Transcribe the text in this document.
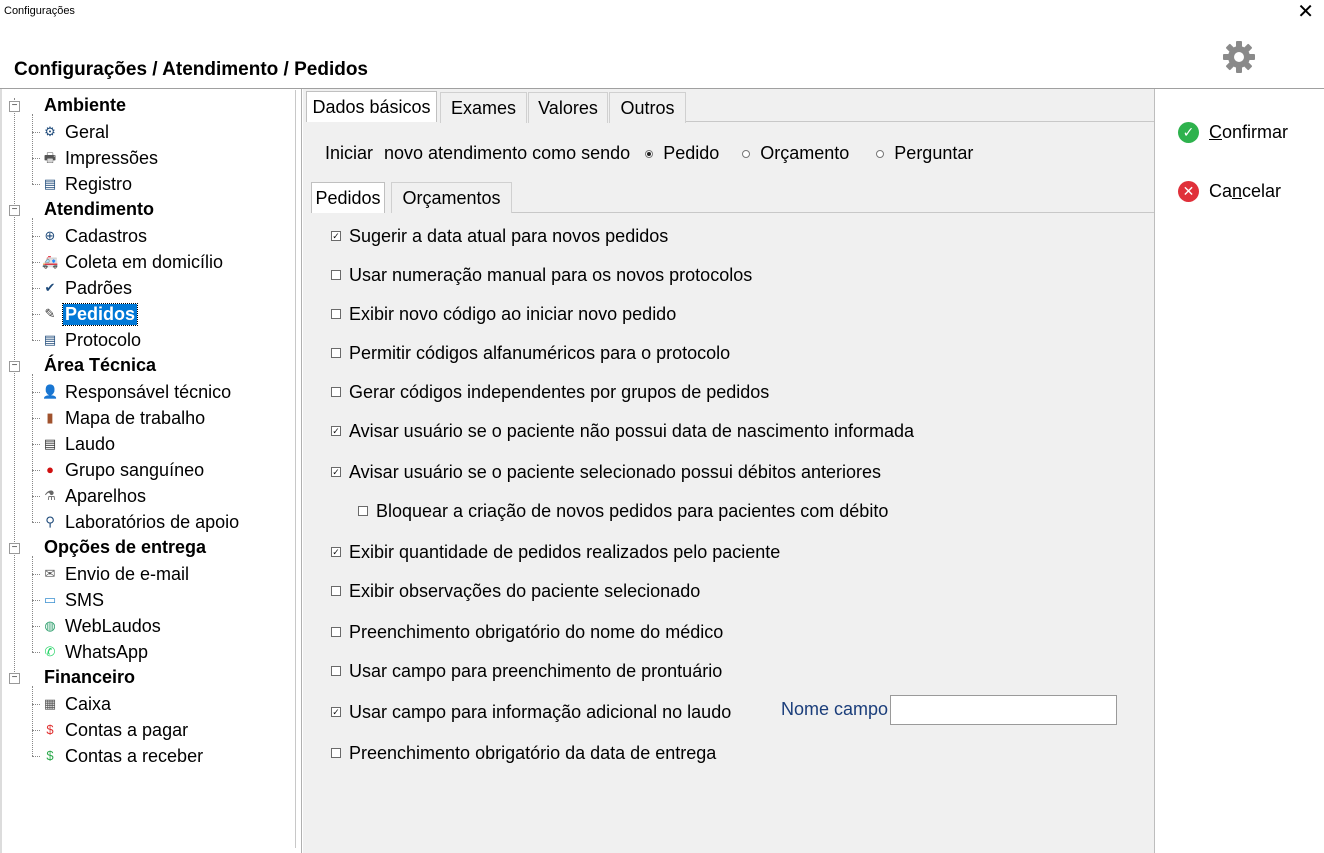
Configurações	✕
Configurações / Atendimento / Pedidos
− Ambiente
⚙ Geral
🖶 Impressões
▤ Registro
− Atendimento
⊕ Cadastros
🚑 Coleta em domicílio
✔ Padrões
✎ Pedidos
▤ Protocolo
− Área Técnica
👤 Responsável técnico
▮ Mapa de trabalho
▤ Laudo
● Grupo sanguíneo
⚗ Aparelhos
⚲ Laboratórios de apoio
− Opções de entrega
✉ Envio de e-mail
▭ SMS
◍ WebLaudos
✆ WhatsApp
− Financeiro
▦ Caixa
$ Contas a pagar
$ Contas a receber
Dados básicos	Exames	Valores	Outros
Iniciar novo atendimento como sendo Pedido Orçamento	Perguntar
Pedidos	Orçamentos
✓ Sugerir a data atual para novos pedidos
Usar numeração manual para os novos protocolos
Exibir novo código ao iniciar novo pedido
Permitir códigos alfanuméricos para o protocolo
Gerar códigos independentes por grupos de pedidos
✓ Avisar usuário se o paciente não possui data de nascimento informada
✓ Avisar usuário se o paciente selecionado possui débitos anteriores
Bloquear a criação de novos pedidos para pacientes com débito
✓ Exibir quantidade de pedidos realizados pelo paciente
Exibir observações do paciente selecionado
Preenchimento obrigatório do nome do médico
Usar campo para preenchimento de prontuário
✓ Usar campo para informação adicional no laudo
Preenchimento obrigatório da data de entrega
Nome campo
✓ Confirmar
✕ Cancelar
